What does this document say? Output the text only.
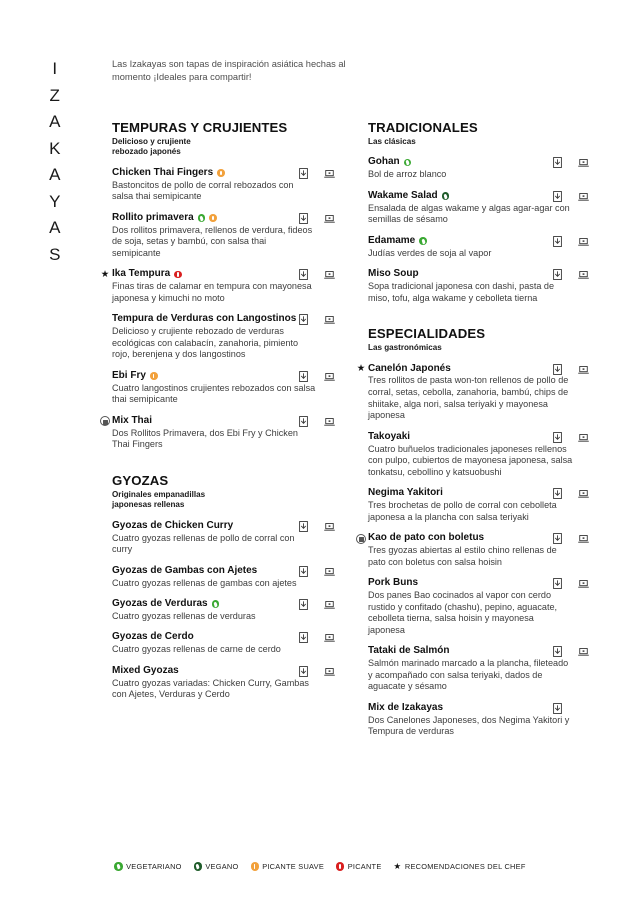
I
Z
A
K
A
Y
A
S
Las Izakayas son tapas de inspiración asiática hechas al momento ¡Ideales para compartir!
TEMPURAS Y CRUJIENTES
Delicioso y crujiente
rebozado japonés
Chicken Thai Fingers
Bastoncitos de pollo de corral rebozados con salsa thai semipicante
Rollito primavera
Dos rollitos primavera, rellenos de verdura, fideos de soja, setas y bambú, con salsa thai semipicante
★ Ika Tempura
Finas tiras de calamar en tempura con mayonesa japonesa y kimuchi no moto
Tempura de Verduras con Langostinos
Delicioso y crujiente rebozado de verduras ecológicas con calabacín, zanahoria, pimiento rojo, berenjena y dos langostinos
Ebi Fry
Cuatro langostinos crujientes rebozados con salsa thai semipicante
Mix Thai
Dos Rollitos Primavera, dos Ebi Fry y Chicken Thai Fingers
GYOZAS
Originales empanadillas
japonesas rellenas
Gyozas de Chicken Curry
Cuatro gyozas rellenas de pollo de corral con curry
Gyozas de Gambas con Ajetes
Cuatro gyozas rellenas de gambas con ajetes
Gyozas de Verduras
Cuatro gyozas rellenas de verduras
Gyozas de Cerdo
Cuatro gyozas rellenas de carne de cerdo
Mixed Gyozas
Cuatro gyozas variadas: Chicken Curry, Gambas con Ajetes, Verduras y Cerdo
TRADICIONALES
Las clásicas
Gohan
Bol de arroz blanco
Wakame Salad
Ensalada de algas wakame y algas agar-agar con semillas de sésamo
Edamame
Judías verdes de soja al vapor
Miso Soup
Sopa tradicional japonesa con dashi, pasta de miso, tofu, alga wakame y cebolleta tierna
ESPECIALIDADES
Las gastronómicas
★ Canelón Japonés
Tres rollitos de pasta won-ton rellenos de pollo de corral, setas, cebolla, zanahoria, bambú, chips de shiitake, alga nori, salsa teriyaki y mayonesa japonesa
Takoyaki
Cuatro buñuelos tradicionales japoneses rellenos con pulpo, cubiertos de mayonesa japonesa, salsa tonkatsu, cebollino y katsuobushi
Negima Yakitori
Tres brochetas de pollo de corral con cebolleta japonesa a la plancha con salsa teriyaki
Kao de pato con boletus
Tres gyozas abiertas al estilo chino rellenas de pato con boletus con salsa hoisin
Pork Buns
Dos panes Bao cocinados al vapor con cerdo rustido y confitado (chashu), pepino, aguacate, cebolleta tierna, salsa hoisin y mayonesa japonesa
Tataki de Salmón
Salmón marinado marcado a la plancha, fileteado y acompañado con salsa teriyaki, dados de aguacate y sésamo
Mix de Izakayas
Dos Canelones Japoneses, dos Negima Yakitori y Tempura de verduras
VEGETARIANO	VEGANO	PICANTE SUAVE	PICANTE ★ RECOMENDACIONES DEL CHEF
